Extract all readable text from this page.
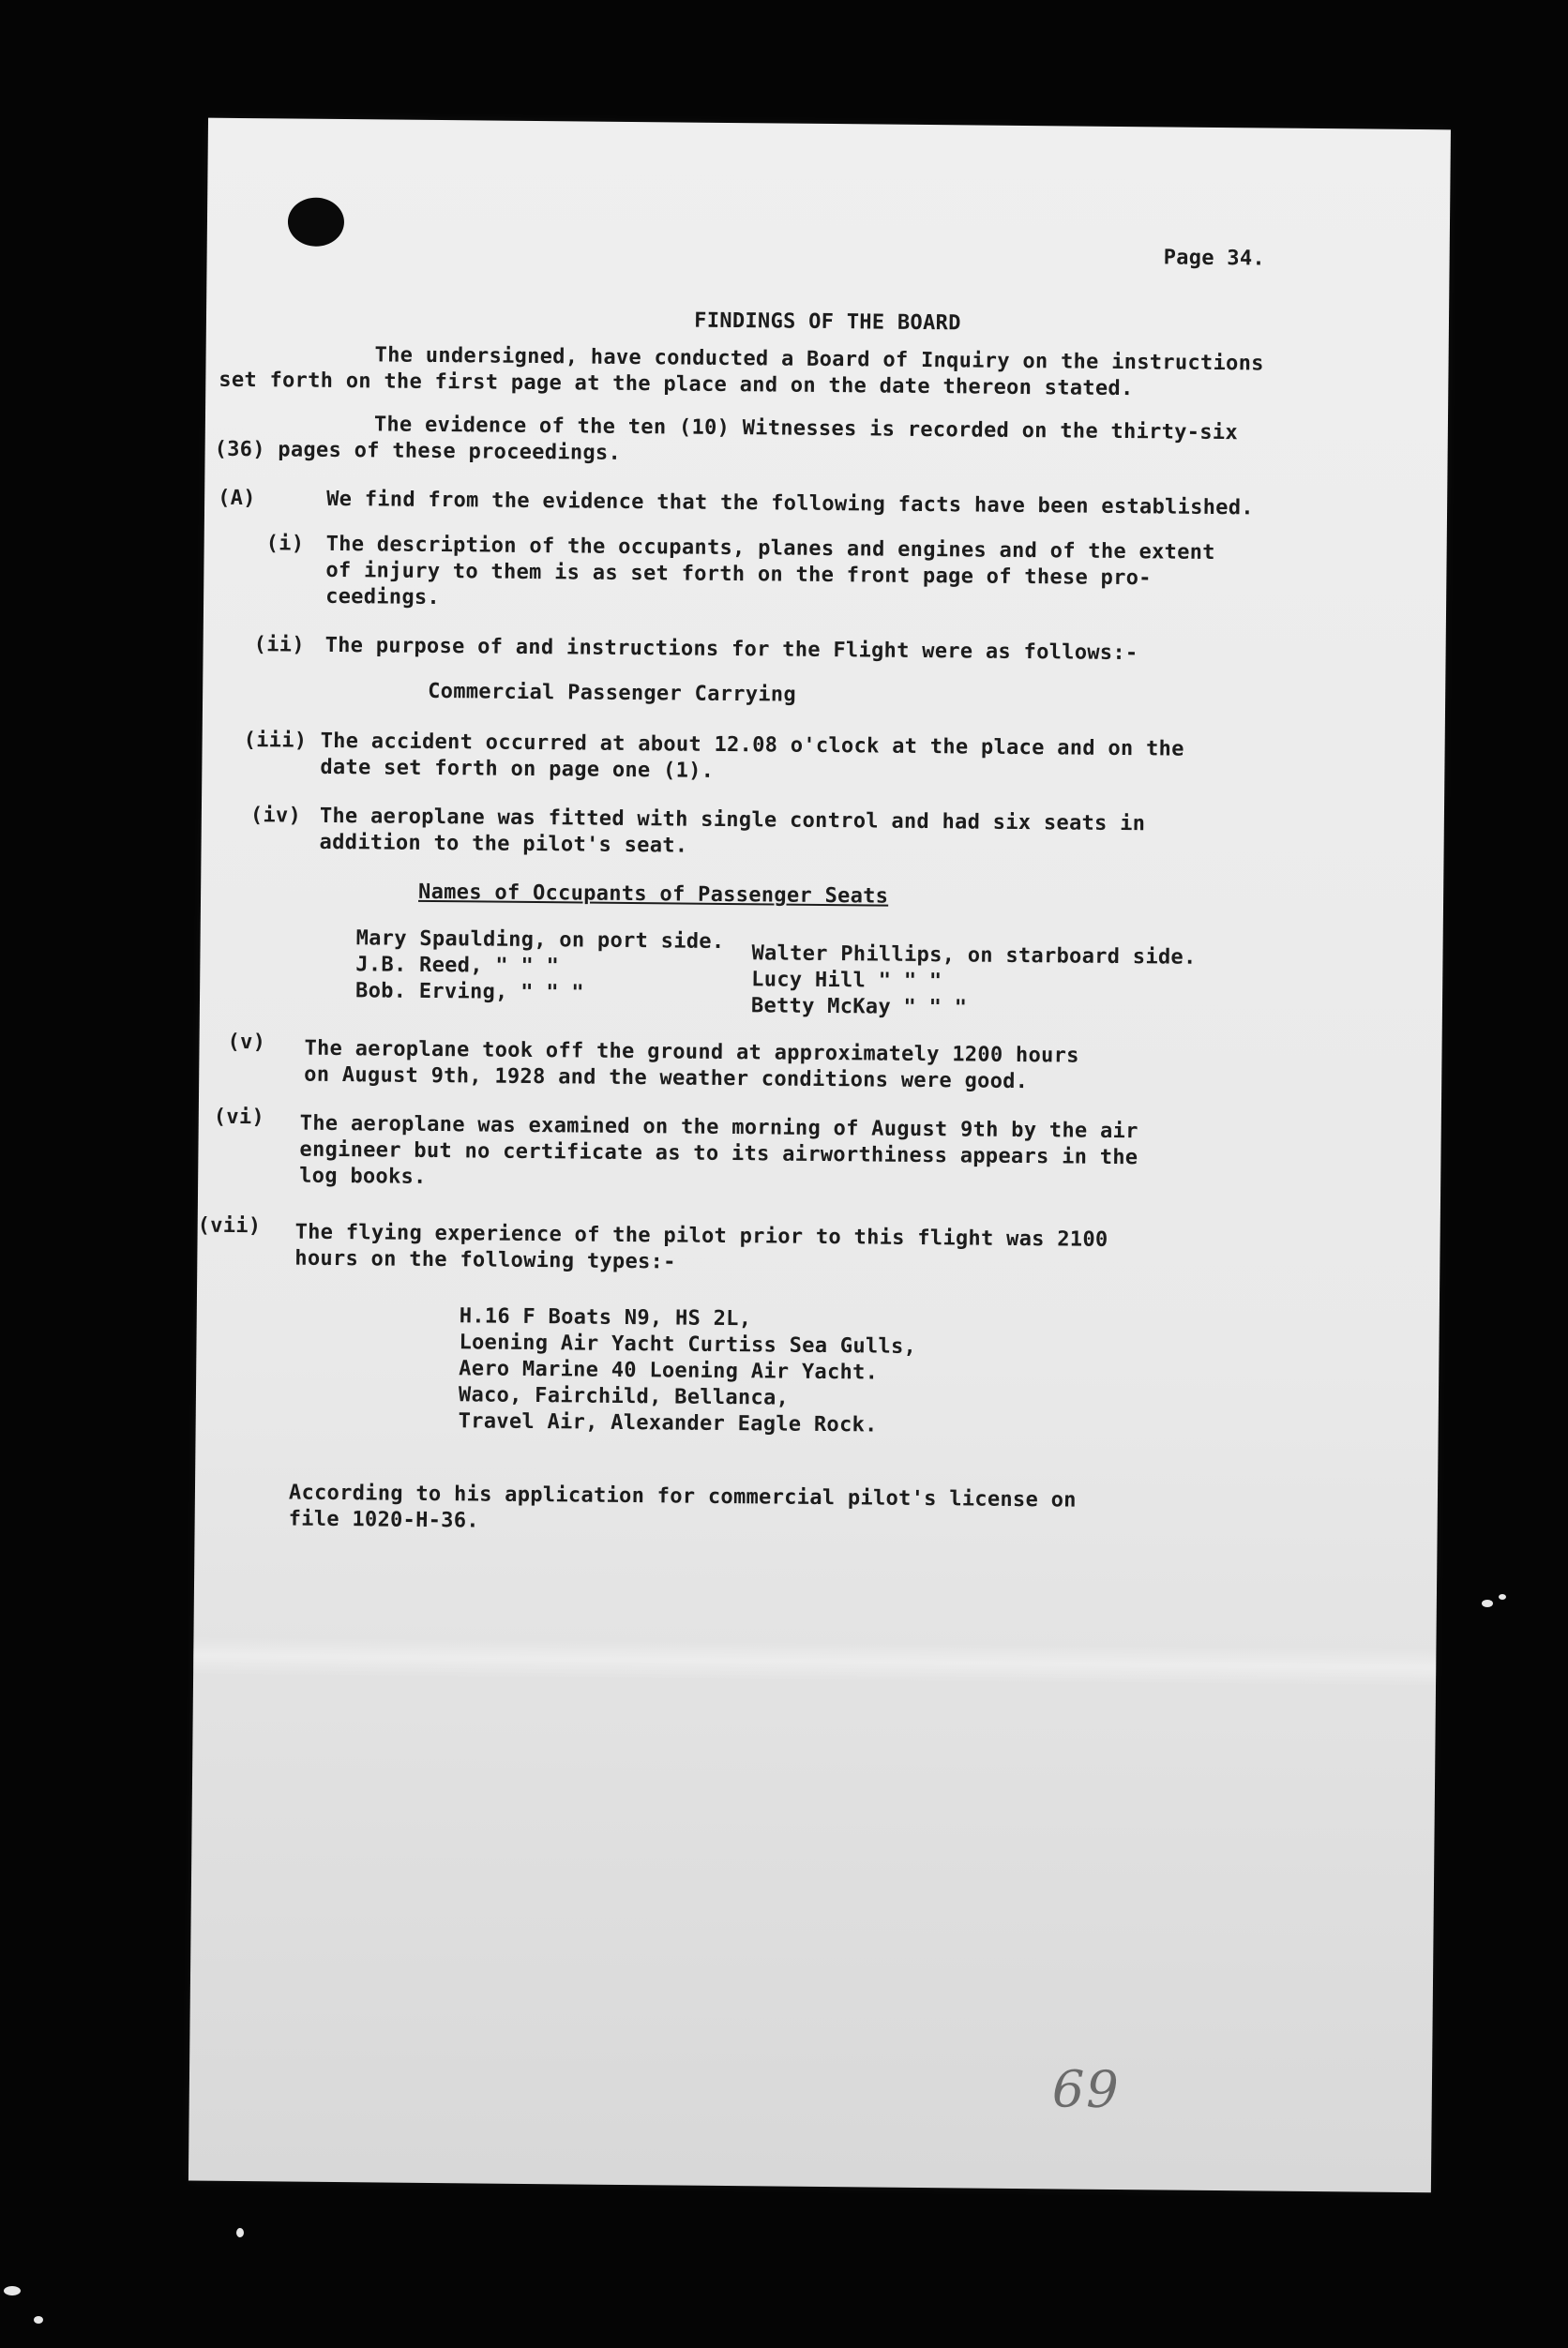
Page 34.
FINDINGS OF THE BOARD
The undersigned, have conducted a Board of Inquiry on the instructions
set forth on the first page at the place and on the date thereon stated.
The evidence of the ten (10) Witnesses is recorded on the thirty-six
(36) pages of these proceedings.
(A)	We find from the evidence that the following facts have been established.
(i) The description of the occupants, planes and engines and of the extent
of injury to them is as set forth on the front page of these pro-
ceedings.
(ii) The purpose of and instructions for the Flight were as follows:-
Commercial Passenger Carrying
(iii) The accident occurred at about 12.08 o'clock at the place and on the
date set forth on page one (1).
(iv) The aeroplane was fitted with single control and had six seats in
addition to the pilot's seat.
Names of Occupants of Passenger Seats
Mary Spaulding, on port side.
J.B. Reed, " " "
Bob. Erving, " " "
Walter Phillips, on starboard side.
Lucy Hill " " "
Betty McKay " " "
(v) The aeroplane took off the ground at approximately 1200 hours
on August 9th, 1928 and the weather conditions were good.
(vi) The aeroplane was examined on the morning of August 9th by the air
engineer but no certificate as to its airworthiness appears in the
log books.
(vii) The flying experience of the pilot prior to this flight was 2100
hours on the following types:-
H.16 F Boats N9, HS 2L,
Loening Air Yacht Curtiss Sea Gulls,
Aero Marine 40 Loening Air Yacht.
Waco, Fairchild, Bellanca,
Travel Air, Alexander Eagle Rock.
According to his application for commercial pilot's license on
file 1020-H-36.
69
